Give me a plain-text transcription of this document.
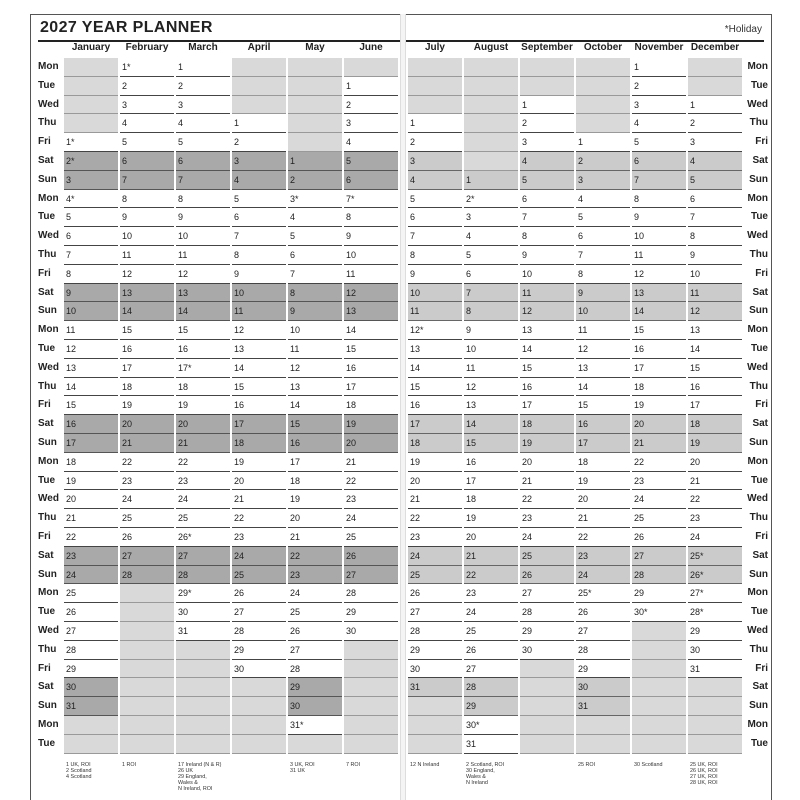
2027 YEAR PLANNER	*Holiday
Mon
Tue
Wed
Thu
Fri
Sat
Sun
Mon
Tue
Wed
Thu
Fri
Sat
Sun
Mon
Tue
Wed
Thu
Fri
Sat
Sun
Mon
Tue
Wed
Thu
Fri
Sat
Sun
Mon
Tue
Wed
Thu
Fri
Sat
Sun
Mon
Tue
Mon
Tue
Wed
Thu
Fri
Sat
Sun
Mon
Tue
Wed
Thu
Fri
Sat
Sun
Mon
Tue
Wed
Thu
Fri
Sat
Sun
Mon
Tue
Wed
Thu
Fri
Sat
Sun
Mon
Tue
Wed
Thu
Fri
Sat
Sun
Mon
Tue
January
1*
2*
3
4*
5
6
7
8
9
10
11
12
13
14
15
16
17
18
19
20
21
22
23
24
25
26
27
28
29
30
31
1 UK, ROI
2 Scotland
4 Scotland
February
1*
2
3
4
5
6
7
8
9
10
11
12
13
14
15
16
17
18
19
20
21
22
23
24
25
26
27
28
1 ROI
March
1
2
3
4
5
6
7
8
9
10
11
12
13
14
15
16
17*
18
19
20
21
22
23
24
25
26*
27
28
29*
30
31
17 Ireland (N & R)
26 UK
29 England,
Wales &
N Ireland, ROI
April
1
2
3
4
5
6
7
8
9
10
11
12
13
14
15
16
17
18
19
20
21
22
23
24
25
26
27
28
29
30
May
1
2
3*
4
5
6
7
8
9
10
11
12
13
14
15
16
17
18
19
20
21
22
23
24
25
26
27
28
29
30
31*
3 UK, ROI
31 UK
June
1
2
3
4
5
6
7*
8
9
10
11
12
13
14
15
16
17
18
19
20
21
22
23
24
25
26
27
28
29
30
7 ROI
July
1
2
3
4
5
6
7
8
9
10
11
12*
13
14
15
16
17
18
19
20
21
22
23
24
25
26
27
28
29
30
31
12 N Ireland
August
1
2*
3
4
5
6
7
8
9
10
11
12
13
14
15
16
17
18
19
20
21
22
23
24
25
26
27
28
29
30*
31
2 Scotland, ROI
30 England,
Wales &
N Ireland
September
1
2
3
4
5
6
7
8
9
10
11
12
13
14
15
16
17
18
19
20
21
22
23
24
25
26
27
28
29
30
October
1
2
3
4
5
6
7
8
9
10
11
12
13
14
15
16
17
18
19
20
21
22
23
24
25*
26
27
28
29
30
31
25 ROI
November
1
2
3
4
5
6
7
8
9
10
11
12
13
14
15
16
17
18
19
20
21
22
23
24
25
26
27
28
29
30*
30 Scotland
December
1
2
3
4
5
6
7
8
9
10
11
12
13
14
15
16
17
18
19
20
21
22
23
24
25*
26*
27*
28*
29
30
31
25 UK, ROI
26 UK, ROI
27 UK, ROI
28 UK, ROI
